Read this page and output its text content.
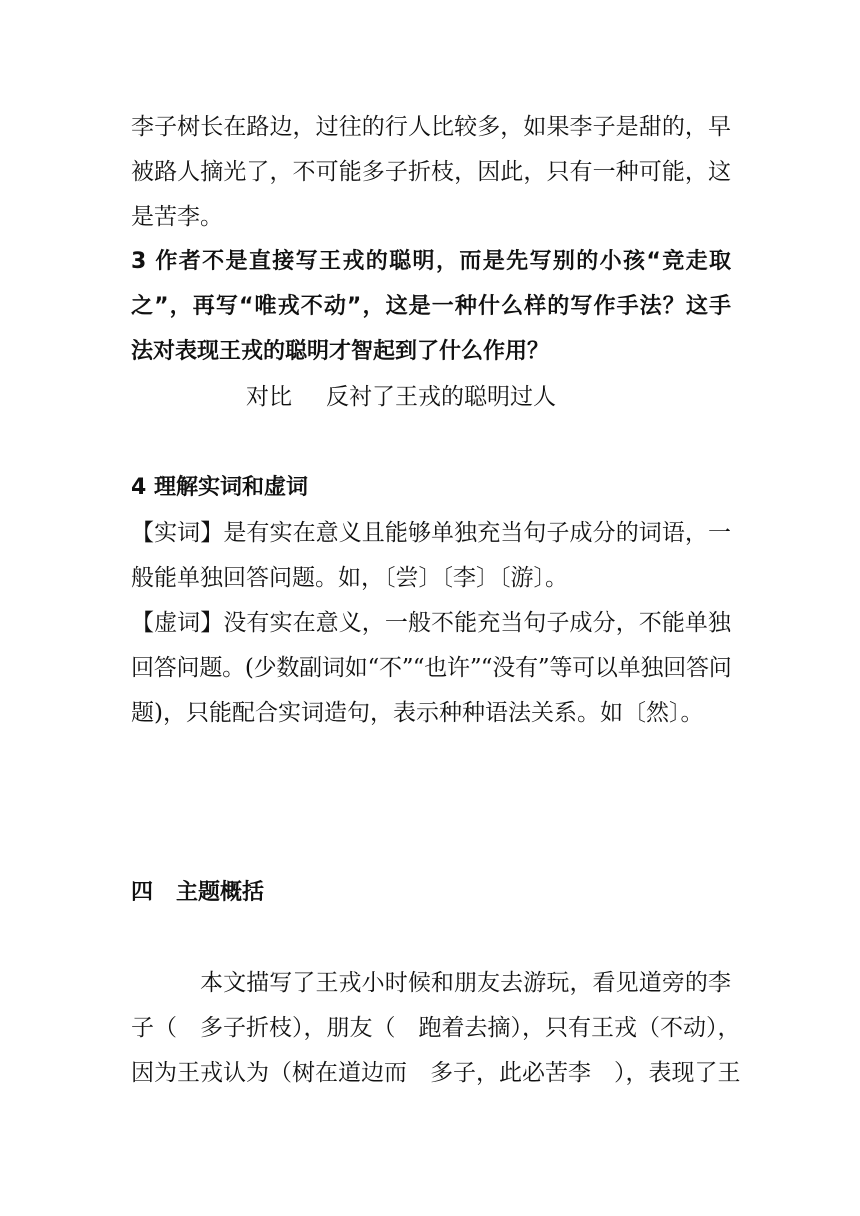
李子树长在路边，过往的行人比较多，如果李子是甜的，早
被路人摘光了，不可能多子折枝，因此，只有一种可能，这
是苦李。
3 作者不是直接写王戎的聪明，而是先写别的小孩“竞走取
之”，再写“唯戎不动”，这是一种什么样的写作手法？这手
法对表现王戎的聪明才智起到了什么作用？
对比	反衬了王戎的聪明过人
4 理解实词和虚词
【实词】是有实在意义且能够单独充当句子成分的词语，一
般能单独回答问题。如，〔尝〕〔李〕〔游〕。
【虚词】没有实在意义，一般不能充当句子成分，不能单独
回答问题。(少数副词如“不”“也许”“没有”等可以单独回答问
题)，只能配合实词造句，表示种种语法关系。如〔然〕。
四	主题概括
本文描写了王戎小时候和朋友去游玩，看见道旁的李
子（　多子折枝），朋友（　跑着去摘），只有王戎（不动），
因为王戎认为（树在道边而　多子，此必苦李　），表现了王
